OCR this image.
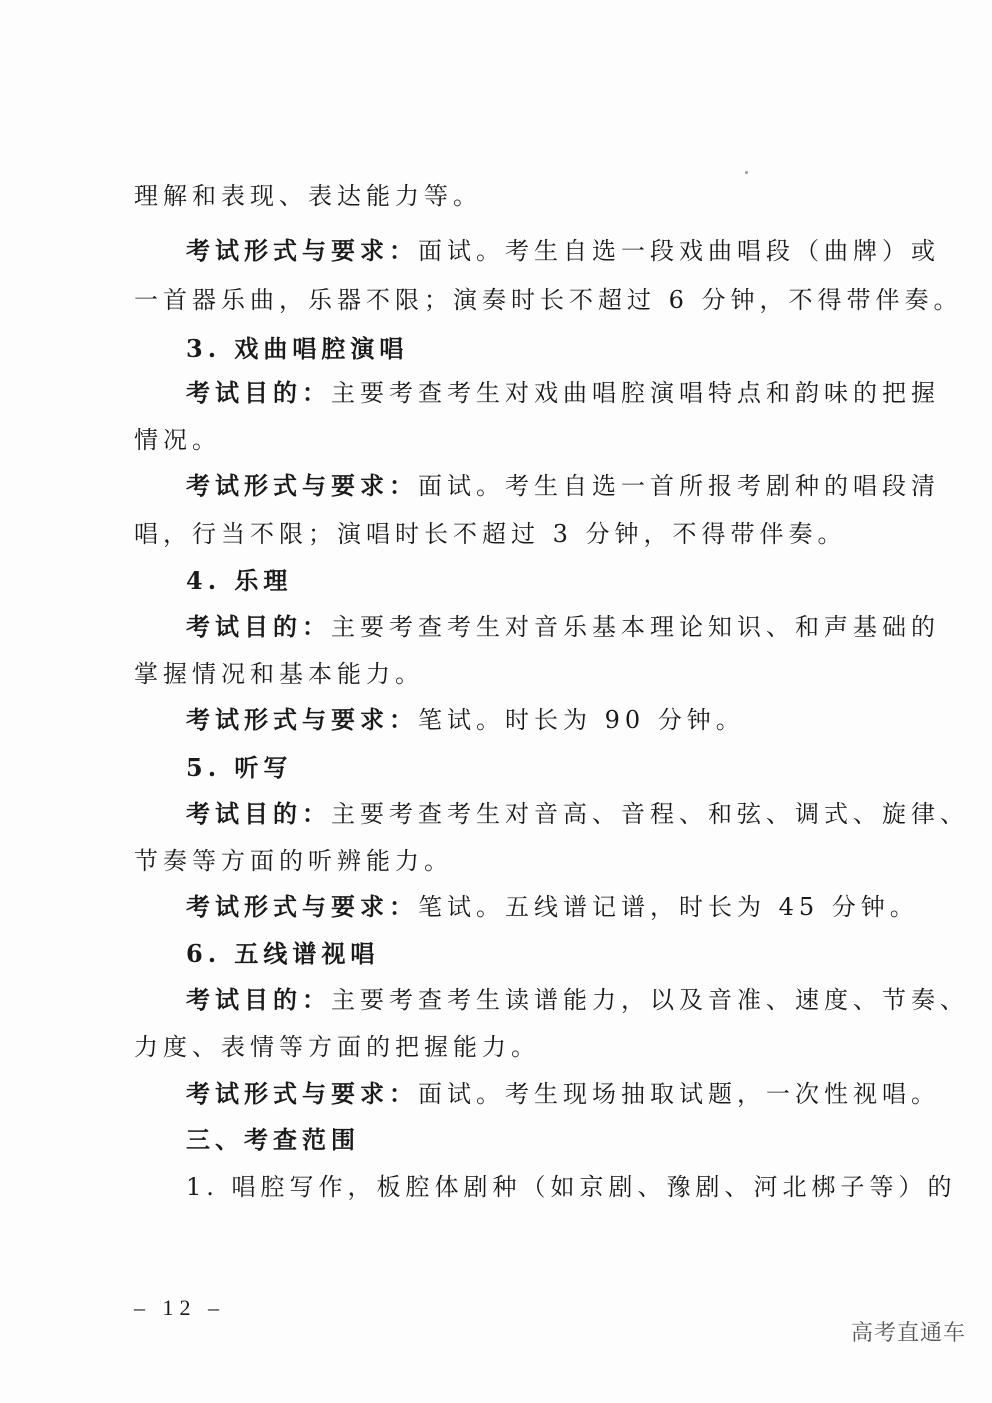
理解和表现、表达能力等。
考试形式与要求：面试。考生自选一段戏曲唱段（曲牌）或
一首器乐曲，乐器不限；演奏时长不超过 6 分钟，不得带伴奏。
3. 戏曲唱腔演唱
考试目的：主要考查考生对戏曲唱腔演唱特点和韵味的把握
情况。
考试形式与要求：面试。考生自选一首所报考剧种的唱段清
唱，行当不限；演唱时长不超过 3 分钟，不得带伴奏。
4. 乐理
考试目的：主要考查考生对音乐基本理论知识、和声基础的
掌握情况和基本能力。
考试形式与要求：笔试。时长为 90 分钟。
5. 听写
考试目的：主要考查考生对音高、音程、和弦、调式、旋律、
节奏等方面的听辨能力。
考试形式与要求：笔试。五线谱记谱，时长为 45 分钟。
6. 五线谱视唱
考试目的：主要考查考生读谱能力，以及音准、速度、节奏、
力度、表情等方面的把握能力。
考试形式与要求：面试。考生现场抽取试题，一次性视唱。
三、考查范围
1. 唱腔写作，板腔体剧种（如京剧、豫剧、河北梆子等）的
– 12 –
高考直通车
